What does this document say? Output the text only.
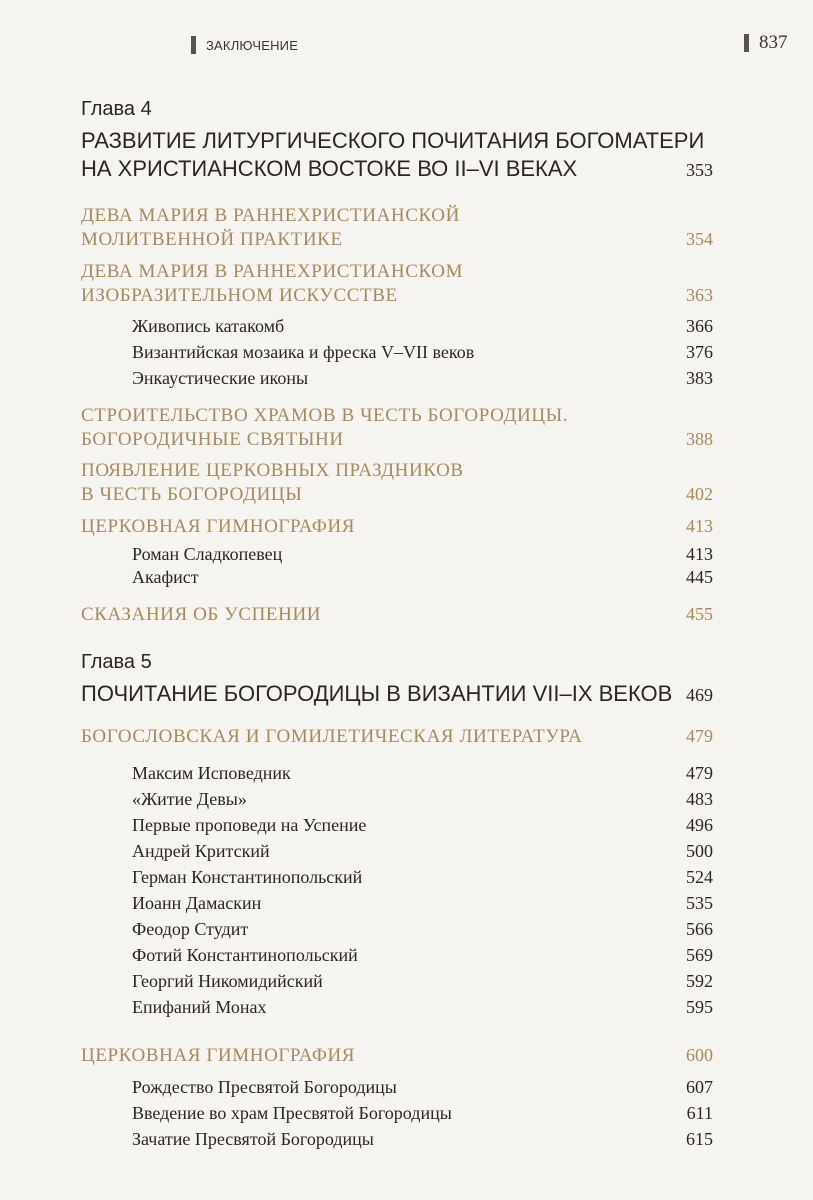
ЗАКЛЮЧЕНИЕ	837
Глава 4
РАЗВИТИЕ ЛИТУРГИЧЕСКОГО ПОЧИТАНИЯ БОГОМАТЕРИ
НА ХРИСТИАНСКОМ ВОСТОКЕ ВО II–VI ВЕКАХ	353
ДЕВА МАРИЯ В РАННЕХРИСТИАНСКОЙ
МОЛИТВЕННОЙ ПРАКТИКЕ	354
ДЕВА МАРИЯ В РАННЕХРИСТИАНСКОМ
ИЗОБРАЗИТЕЛЬНОМ ИСКУССТВЕ	363
Живопись катакомб	366
Византийская мозаика и фреска V–VII веков	376
Энкаустические иконы	383
СТРОИТЕЛЬСТВО ХРАМОВ В ЧЕСТЬ БОГОРОДИЦЫ.
БОГОРОДИЧНЫЕ СВЯТЫНИ	388
ПОЯВЛЕНИЕ ЦЕРКОВНЫХ ПРАЗДНИКОВ
В ЧЕСТЬ БОГОРОДИЦЫ	402
ЦЕРКОВНАЯ ГИМНОГРАФИЯ	413
Роман Сладкопевец	413
Акафист	445
СКАЗАНИЯ ОБ УСПЕНИИ	455
Глава 5
ПОЧИТАНИЕ БОГОРОДИЦЫ В ВИЗАНТИИ VII–IX ВЕКОВ 469
БОГОСЛОВСКАЯ И ГОМИЛЕТИЧЕСКАЯ ЛИТЕРАТУРА	479
Максим Исповедник	479
«Житие Девы»	483
Первые проповеди на Успение	496
Андрей Критский	500
Герман Константинопольский	524
Иоанн Дамаскин	535
Феодор Студит	566
Фотий Константинопольский	569
Георгий Никомидийский	592
Епифаний Монах	595
ЦЕРКОВНАЯ ГИМНОГРАФИЯ	600
Рождество Пресвятой Богородицы	607
Введение во храм Пресвятой Богородицы	611
Зачатие Пресвятой Богородицы	615
